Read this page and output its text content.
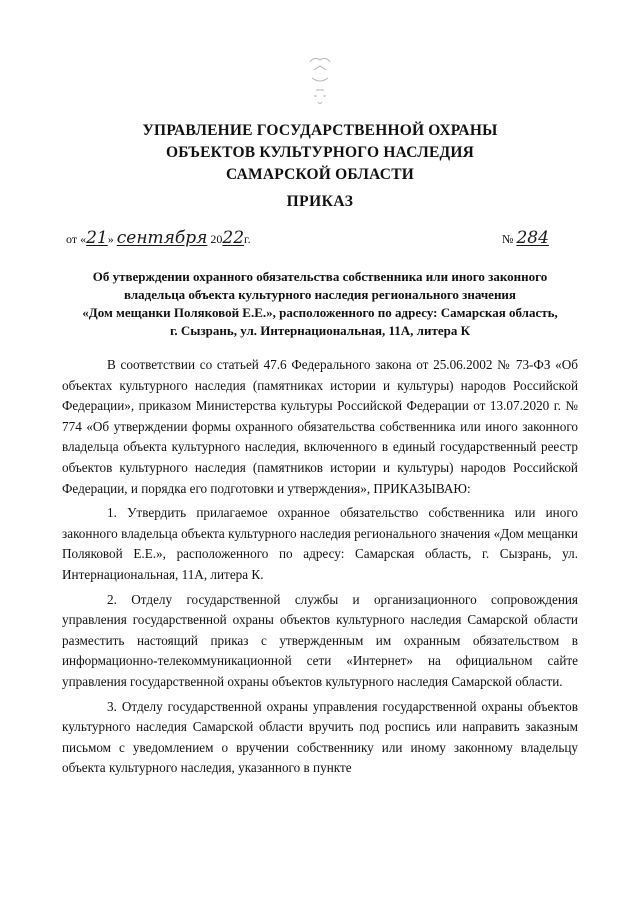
УПРАВЛЕНИЕ ГОСУДАРСТВЕННОЙ ОХРАНЫ
ОБЪЕКТОВ КУЛЬТУРНОГО НАСЛЕДИЯ
САМАРСКОЙ ОБЛАСТИ
ПРИКАЗ
от «21» сентября 2022г.	№ 284
Об утверждении охранного обязательства собственника или иного законного
владельца объекта культурного наследия регионального значения
«Дом мещанки Поляковой Е.Е.», расположенного по адресу: Самарская область,
г. Сызрань, ул. Интернациональная, 11А, литера К

В соответствии со статьей 47.6 Федерального закона от 25.06.2002 № 73-ФЗ «Об объектах культурного наследия (памятниках истории и культуры) народов Российской Федерации», приказом Министерства культуры Российской Федерации от 13.07.2020 г. № 774 «Об утверждении формы охранного обязательства собственника или иного законного владельца объекта культурного наследия, включенного в единый государственный реестр объектов культурного наследия (памятников истории и культуры) народов Российской Федерации, и порядка его подготовки и утверждения», ПРИКАЗЫВАЮ:

1. Утвердить прилагаемое охранное обязательство собственника или иного законного владельца объекта культурного наследия регионального значения «Дом мещанки Поляковой Е.Е.», расположенного по адресу: Самарская область, г. Сызрань, ул. Интернациональная, 11А, литера К.

2. Отделу государственной службы и организационного сопровождения управления государственной охраны объектов культурного наследия Самарской области разместить настоящий приказ с утвержденным им охранным обязательством в информационно-телекоммуникационной сети «Интернет» на официальном сайте управления государственной охраны объектов культурного наследия Самарской области.

3. Отделу государственной охраны управления государственной охраны объектов культурного наследия Самарской области вручить под роспись или направить заказным письмом с уведомлением о вручении собственнику или иному законному владельцу объекта культурного наследия, указанного в пункте
